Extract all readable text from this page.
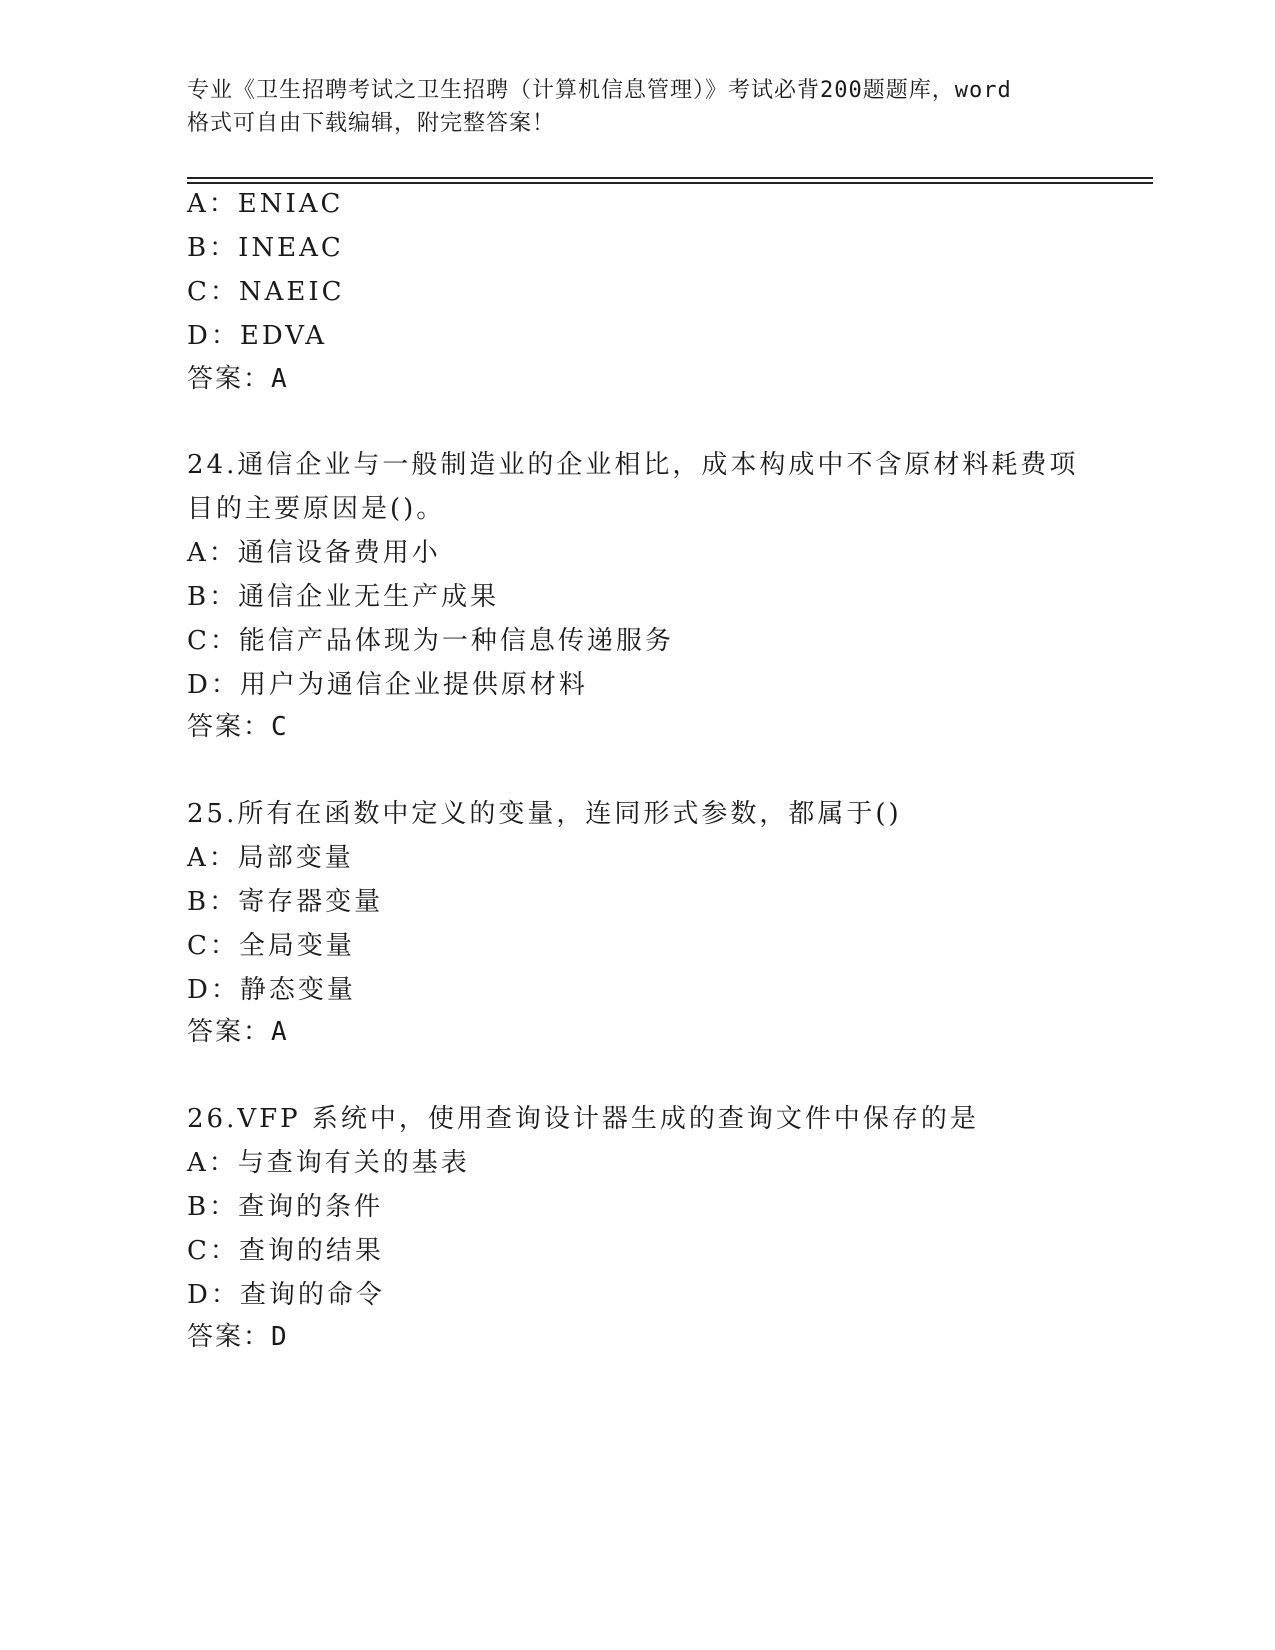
专业《卫生招聘考试之卫生招聘（计算机信息管理）》考试必背200题题库，word
格式可自由下载编辑，附完整答案！
A：ENIAC
B：INEAC
C：NAEIC
D：EDVA
答案：A
24.通信企业与一般制造业的企业相比，成本构成中不含原材料耗费项
目的主要原因是()。
A：通信设备费用小
B：通信企业无生产成果
C：能信产品体现为一种信息传递服务
D：用户为通信企业提供原材料
答案：C
25.所有在函数中定义的变量，连同形式参数，都属于()
A：局部变量
B：寄存器变量
C：全局变量
D：静态变量
答案：A
26.VFP 系统中，使用查询设计器生成的查询文件中保存的是
A：与查询有关的基表
B：查询的条件
C：查询的结果
D：查询的命令
答案：D
